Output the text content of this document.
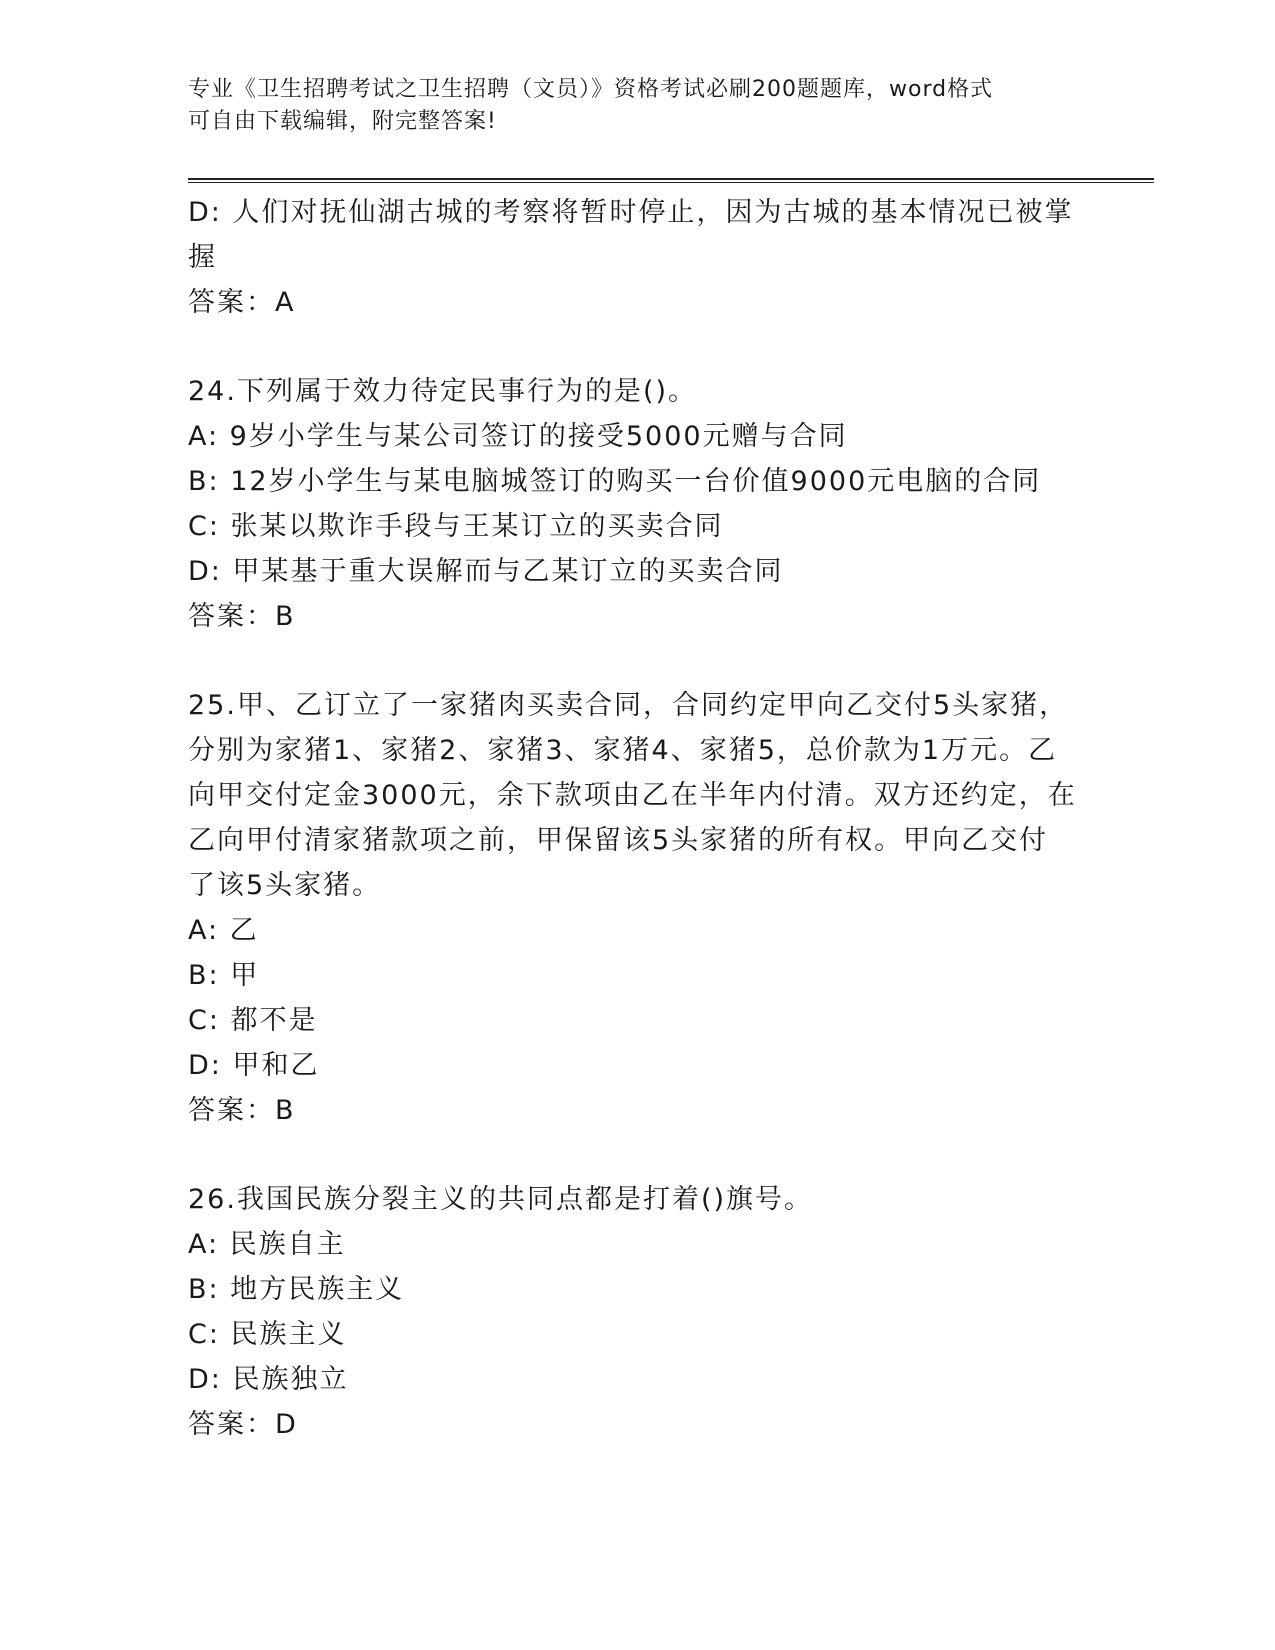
专业《卫生招聘考试之卫生招聘（文员）》资格考试必刷200题题库，word格式
可自由下载编辑，附完整答案!
D: 人们对抚仙湖古城的考察将暂时停止，因为古城的基本情况已被掌
握
答案：A
24.下列属于效力待定民事行为的是()。
A: 9岁小学生与某公司签订的接受5000元赠与合同
B: 12岁小学生与某电脑城签订的购买一台价值9000元电脑的合同
C: 张某以欺诈手段与王某订立的买卖合同
D: 甲某基于重大误解而与乙某订立的买卖合同
答案：B
25.甲、乙订立了一家猪肉买卖合同，合同约定甲向乙交付5头家猪，
分别为家猪1、家猪2、家猪3、家猪4、家猪5，总价款为1万元。乙
向甲交付定金3000元，余下款项由乙在半年内付清。双方还约定，在
乙向甲付清家猪款项之前，甲保留该5头家猪的所有权。甲向乙交付
了该5头家猪。
A: 乙
B: 甲
C: 都不是
D: 甲和乙
答案：B
26.我国民族分裂主义的共同点都是打着()旗号。
A: 民族自主
B: 地方民族主义
C: 民族主义
D: 民族独立
答案：D
